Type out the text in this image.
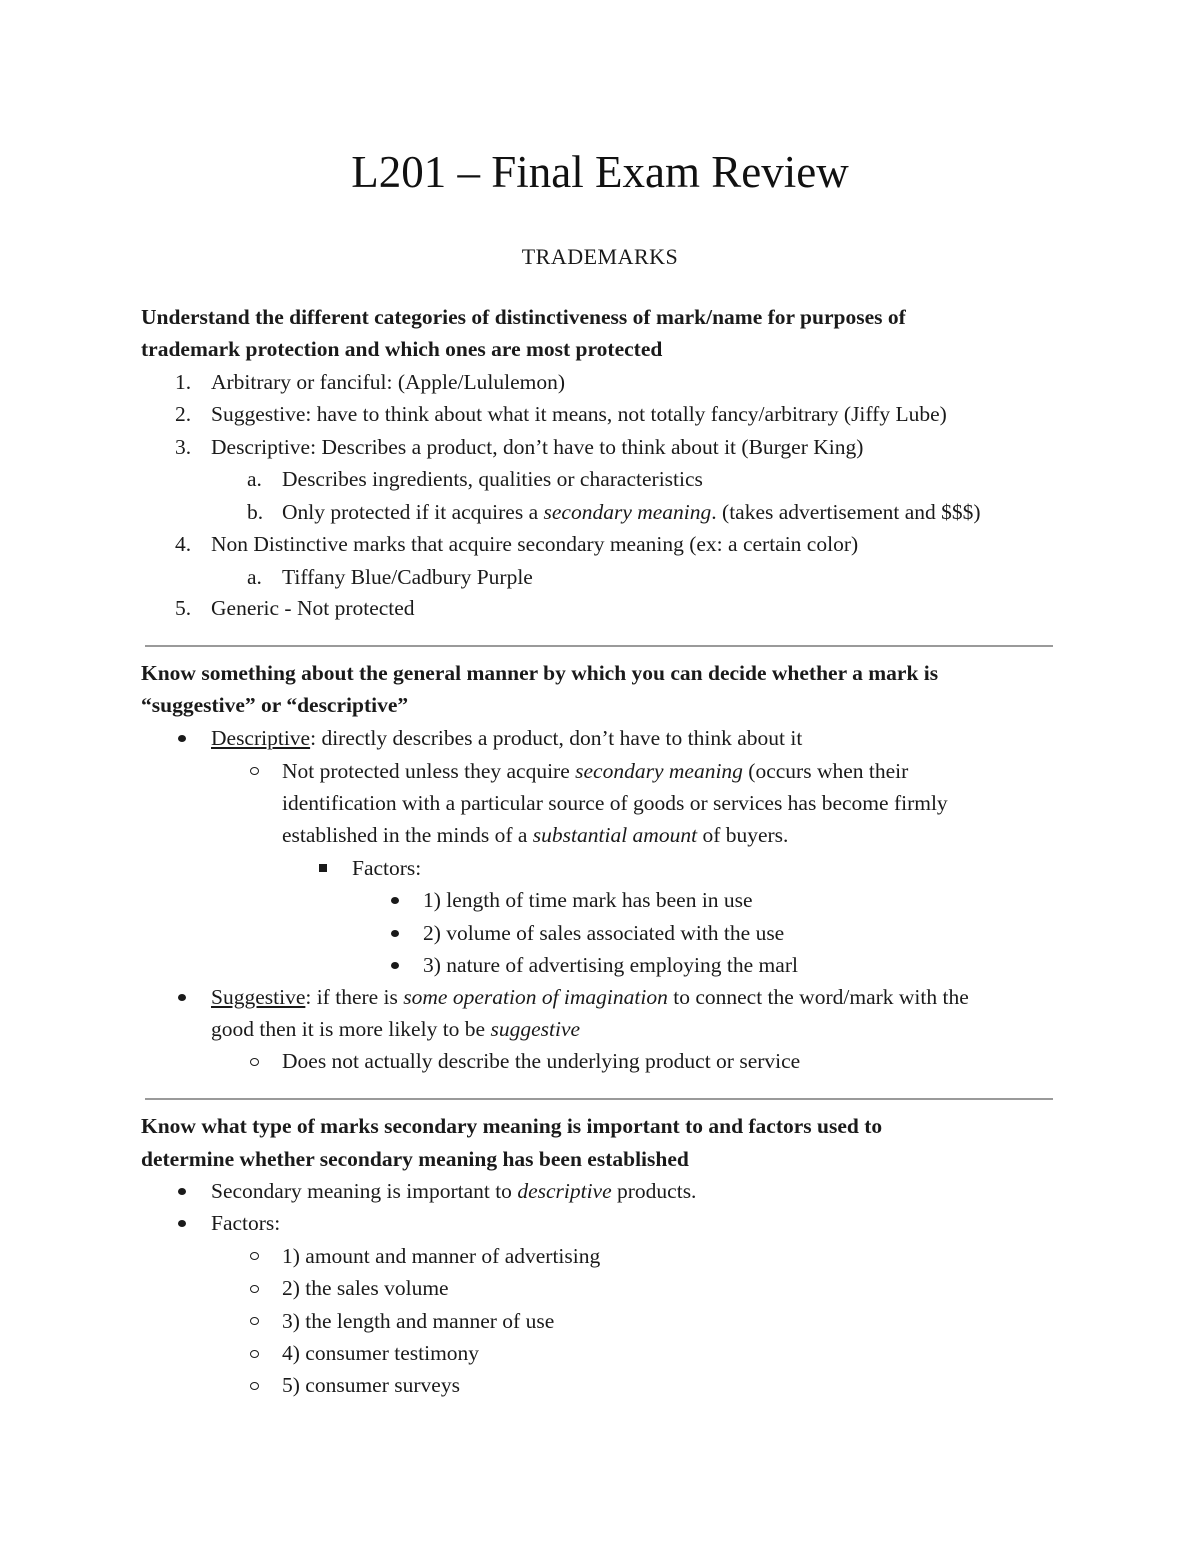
L201 – Final Exam Review
TRADEMARKS
Understand the different categories of distinctiveness of mark/name for purposes of
trademark protection and which ones are most protected
1. Arbitrary or fanciful: (Apple/Lululemon)
2. Suggestive: have to think about what it means, not totally fancy/arbitrary (Jiffy Lube)
3. Descriptive: Describes a product, don’t have to think about it (Burger King)
a. Describes ingredients, qualities or characteristics
b. Only protected if it acquires a secondary meaning. (takes advertisement and $$$)
4. Non Distinctive marks that acquire secondary meaning (ex: a certain color)
a. Tiffany Blue/Cadbury Purple
5. Generic - Not protected
Know something about the general manner by which you can decide whether a mark is
“suggestive” or “descriptive”
Descriptive: directly describes a product, don’t have to think about it
Not protected unless they acquire secondary meaning (occurs when their
identification with a particular source of goods or services has become firmly
established in the minds of a substantial amount of buyers.
Factors:
1) length of time mark has been in use
2) volume of sales associated with the use
3) nature of advertising employing the marl
Suggestive: if there is some operation of imagination to connect the word/mark with the
good then it is more likely to be suggestive
Does not actually describe the underlying product or service
Know what type of marks secondary meaning is important to and factors used to
determine whether secondary meaning has been established
Secondary meaning is important to descriptive products.
Factors:
1) amount and manner of advertising
2) the sales volume
3) the length and manner of use
4) consumer testimony
5) consumer surveys
